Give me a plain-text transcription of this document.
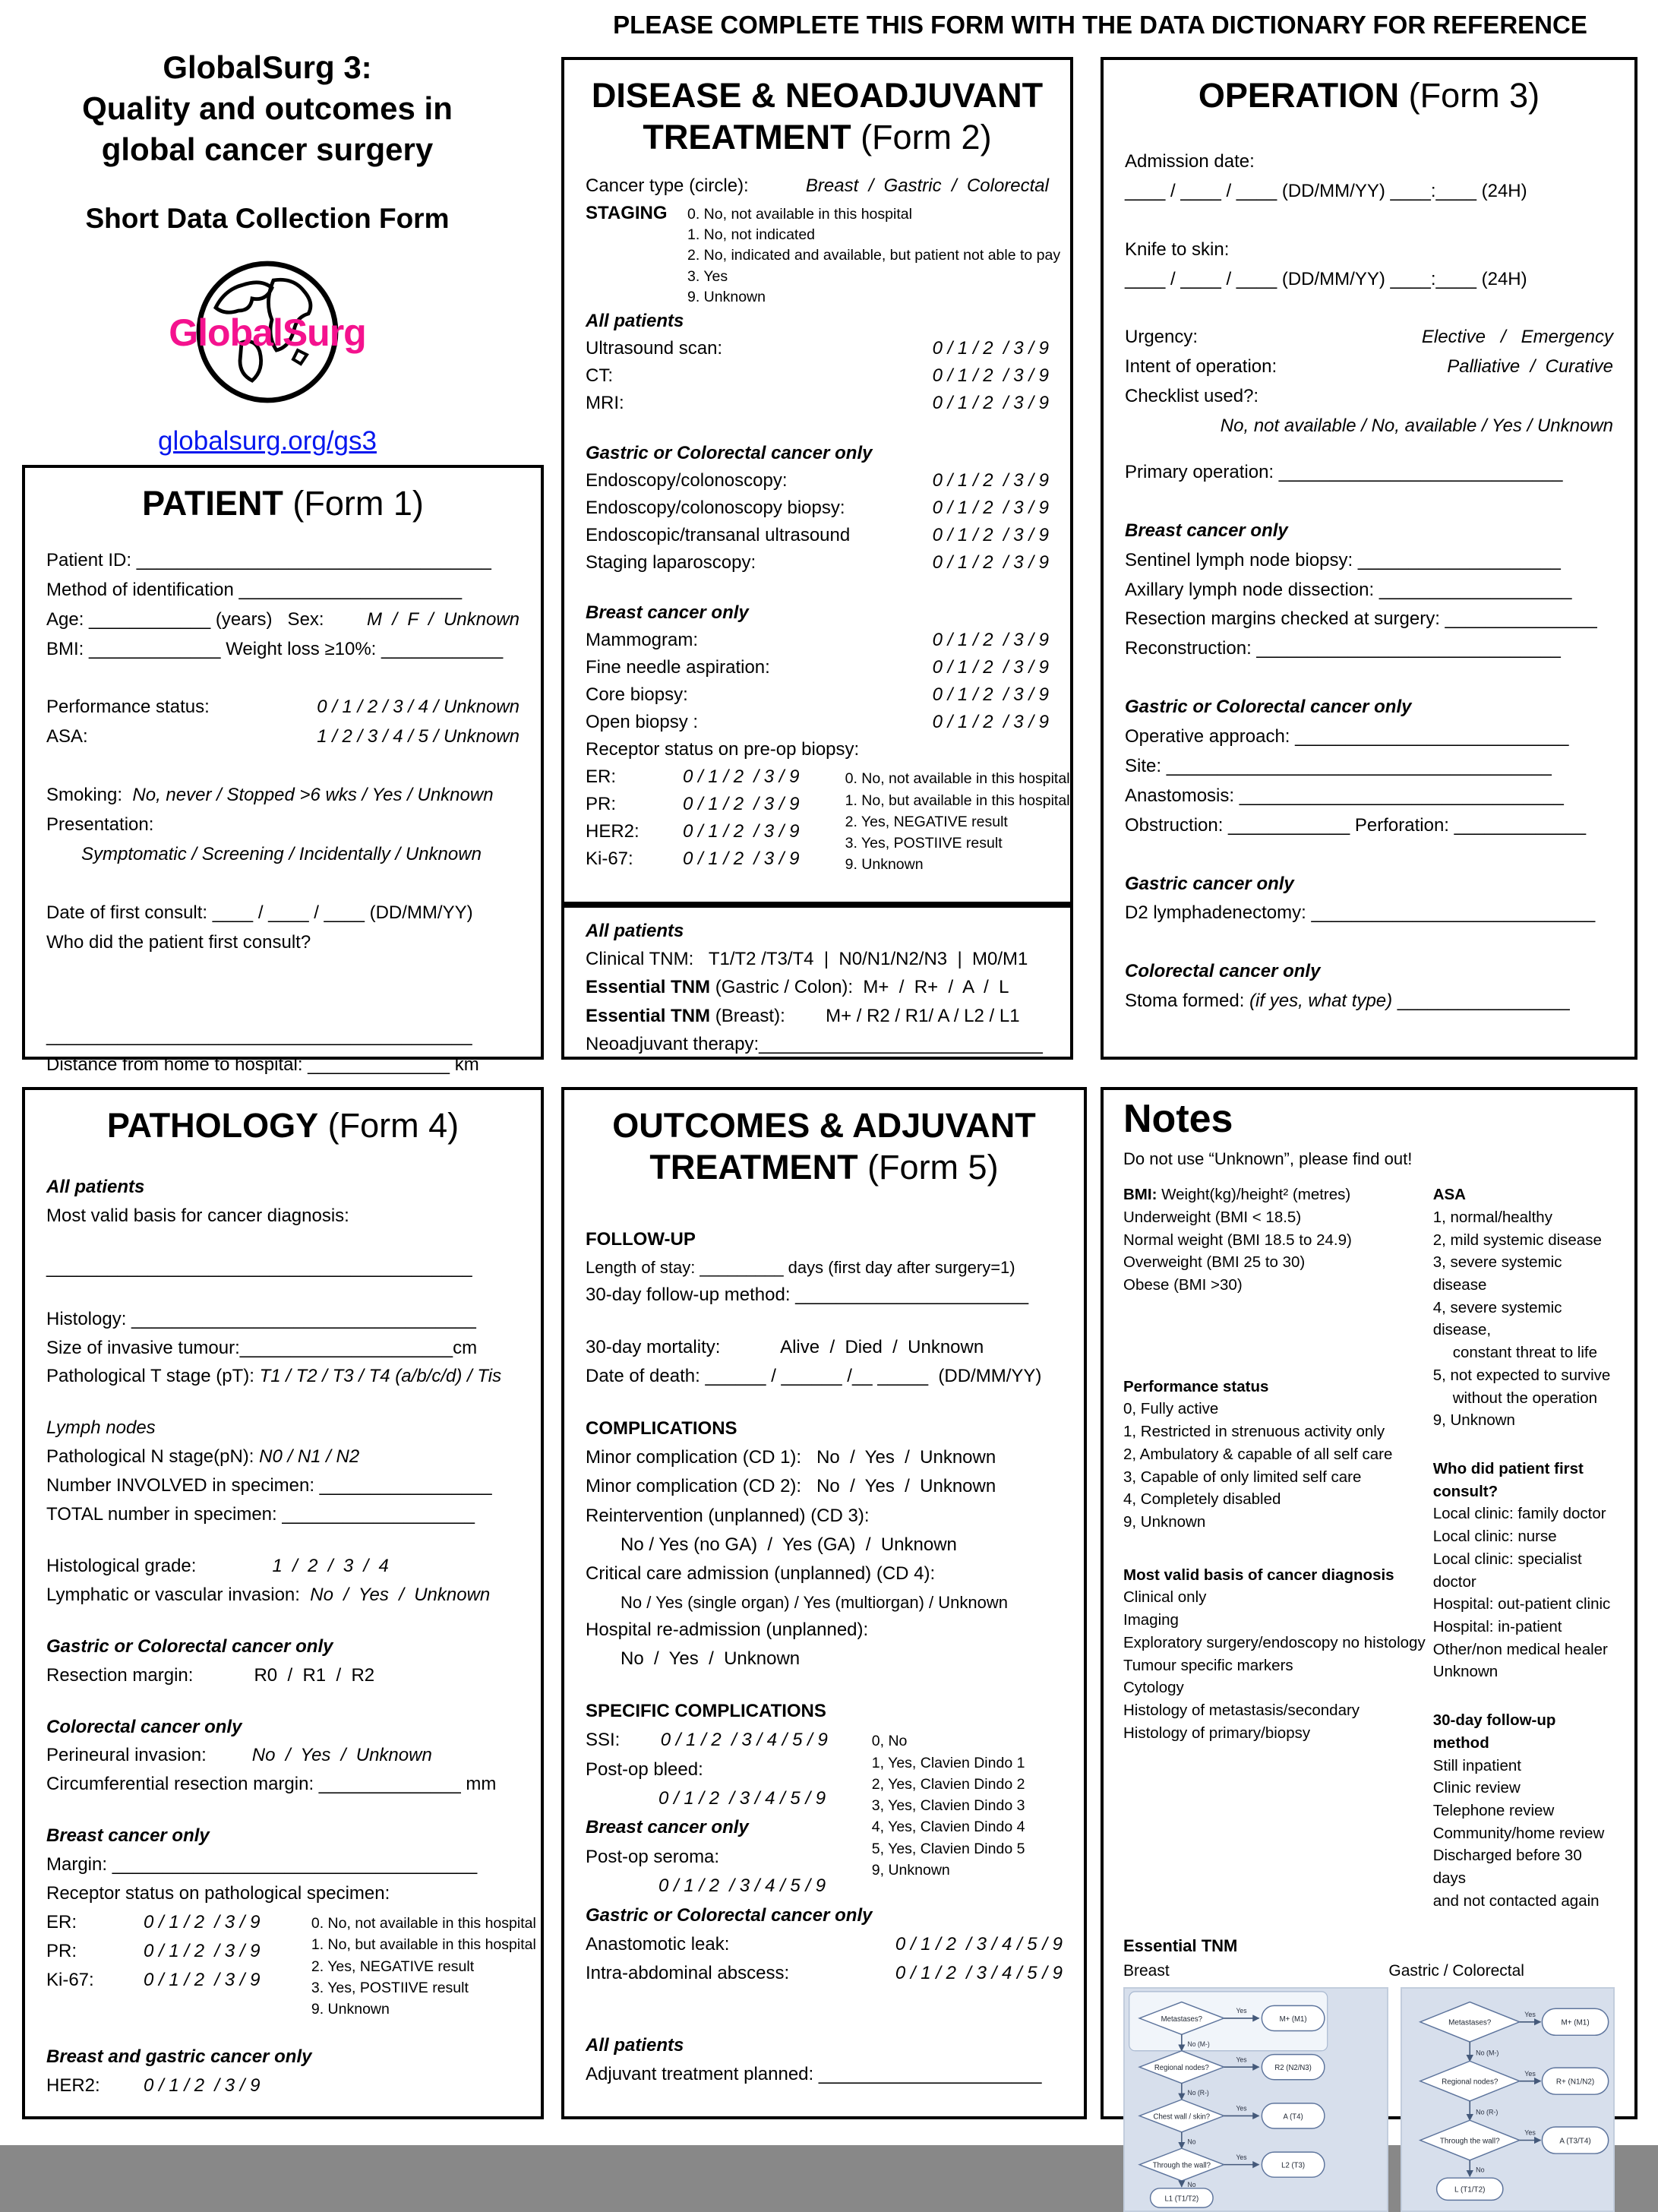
PLEASE COMPLETE THIS FORM WITH THE DATA DICTIONARY FOR REFERENCE
GlobalSurg 3:
Quality and outcomes in
global cancer surgery
Short Data Collection Form
GlobalSurg
globalsurg.org/gs3
PATIENT (Form 1)
Patient ID: ___________________________________
Method of identification ______________________
Age: ____________ (years)   Sex: M  /  F  /  Unknown
BMI: _____________ Weight loss ≥10%: ____________
Performance status:	0 / 1 / 2 / 3 / 4 / Unknown
ASA:	1 / 2 / 3 / 4 / 5 / Unknown
Smoking:  No, never / Stopped >6 wks / Yes / Unknown
Presentation:
Symptomatic / Screening / Incidentally / Unknown
Date of first consult: ____ / ____ / ____ (DD/MM/YY)
Who did the patient first consult?
__________________________________________
Distance from home to hospital: ______________ km
DISEASE & NEOADJUVANT TREATMENT (Form 2)
Cancer type (circle):	Breast  /  Gastric  /  Colorectal
STAGING	0. No, not available in this hospital
1. No, not indicated
2. No, indicated and available, but patient not able to pay
3. Yes
9. Unknown
All patients
Ultrasound scan:	0 / 1 / 2  / 3 / 9
CT:	0 / 1 / 2  / 3 / 9
MRI:	0 / 1 / 2  / 3 / 9
Gastric or Colorectal cancer only
Endoscopy/colonoscopy:	0 / 1 / 2  / 3 / 9
Endoscopy/colonoscopy biopsy:	0 / 1 / 2  / 3 / 9
Endoscopic/transanal ultrasound	0 / 1 / 2  / 3 / 9
Staging laparoscopy:	0 / 1 / 2  / 3 / 9
Breast cancer only
Mammogram:	0 / 1 / 2  / 3 / 9
Fine needle aspiration:	0 / 1 / 2  / 3 / 9
Core biopsy:	0 / 1 / 2  / 3 / 9
Open biopsy :	0 / 1 / 2  / 3 / 9
Receptor status on pre-op biopsy:
ER:	0 / 1 / 2  / 3 / 9
PR:	0 / 1 / 2  / 3 / 9
HER2: 0 / 1 / 2  / 3 / 9
Ki-67:	0 / 1 / 2  / 3 / 9
0. No, not available in this hospital
1. No, but available in this hospital
2. Yes, NEGATIVE result
3. Yes, POSTIIVE result
9. Unknown
All patients
Clinical TNM:   T1/T2 /T3/T4  |  N0/N1/N2/N3  |  M0/M1
Essential TNM (Gastric / Colon):  M+  /  R+  /  A  /  L
Essential TNM (Breast):        M+ / R2 / R1/ A / L2 / L1
Neoadjuvant therapy:____________________________
OPERATION (Form 3)
Admission date:
____ / ____ / ____ (DD/MM/YY) ____:____ (24H)
Knife to skin:
____ / ____ / ____ (DD/MM/YY) ____:____ (24H)
Urgency:	Elective   /   Emergency
Intent of operation:	Palliative  /  Curative
Checklist used?:
No, not available / No, available / Yes / Unknown
Primary operation: ____________________________
Breast cancer only
Sentinel lymph node biopsy: ____________________
Axillary lymph node dissection: ___________________
Resection margins checked at surgery: _______________
Reconstruction: ______________________________
Gastric or Colorectal cancer only
Operative approach: ___________________________
Site: ______________________________________
Anastomosis: ________________________________
Obstruction: ____________ Perforation: _____________
Gastric cancer only
D2 lymphadenectomy: ____________________________
Colorectal cancer only
Stoma formed: (if yes, what type) _________________
PATHOLOGY (Form 4)
All patients
Most valid basis for cancer diagnosis:
__________________________________________
Histology: __________________________________
Size of invasive tumour:_____________________cm
Pathological T stage (pT): T1 / T2 / T3 / T4 (a/b/c/d) / Tis
Lymph nodes
Pathological N stage(pN): N0 / N1 / N2
Number INVOLVED in specimen: _________________
TOTAL number in specimen: ___________________
Histological grade:               1  /  2  /  3  /  4
Lymphatic or vascular invasion:  No  /  Yes  /  Unknown
Gastric or Colorectal cancer only
Resection margin:            R0  /  R1  /  R2
Colorectal cancer only
Perineural invasion:         No  /  Yes  /  Unknown
Circumferential resection margin: ______________ mm
Breast cancer only
Margin: ____________________________________
Receptor status on pathological specimen:
ER:	0 / 1 / 2  / 3 / 9
PR:	0 / 1 / 2  / 3 / 9
Ki-67:	0 / 1 / 2  / 3 / 9
0. No, not available in this hospital
1. No, but available in this hospital
2. Yes, NEGATIVE result
3. Yes, POSTIIVE result
9. Unknown
Breast and gastric cancer only
HER2: 0 / 1 / 2  / 3 / 9
OUTCOMES & ADJUVANT TREATMENT (Form 5)
FOLLOW-UP
Length of stay: _________ days (first day after surgery=1)
30-day follow-up method: _______________________
30-day mortality:            Alive  /  Died  /  Unknown
Date of death: ______ / ______ /__ _____  (DD/MM/YY)
COMPLICATIONS
Minor complication (CD 1):   No  /  Yes  /  Unknown
Minor complication (CD 2):   No  /  Yes  /  Unknown
Reintervention (unplanned) (CD 3):
No / Yes (no GA)  /  Yes (GA)  /  Unknown
Critical care admission (unplanned) (CD 4):
No / Yes (single organ) / Yes (multiorgan) / Unknown
Hospital re-admission (unplanned):
No  /  Yes  /  Unknown
SPECIFIC COMPLICATIONS
SSI:        0 / 1 / 2  / 3 / 4 / 5 / 9
Post-op bleed:
0 / 1 / 2  / 3 / 4 / 5 / 9
Breast cancer only
Post-op seroma:
0 / 1 / 2  / 3 / 4 / 5 / 9
0, No
1, Yes, Clavien Dindo 1
2, Yes, Clavien Dindo 2
3, Yes, Clavien Dindo 3
4, Yes, Clavien Dindo 4
5, Yes, Clavien Dindo 5
9, Unknown
Gastric or Colorectal cancer only
Anastomotic leak:	0 / 1 / 2  / 3 / 4 / 5 / 9
Intra-abdominal abscess:	0 / 1 / 2  / 3 / 4 / 5 / 9
All patients
Adjuvant treatment planned: ______________________
Notes
Do not use “Unknown”, please find out!
BMI: Weight(kg)/height² (metres)
Underweight (BMI < 18.5)
Normal weight (BMI 18.5 to 24.9)
Overweight (BMI 25 to 30)
Obese (BMI >30)
Performance status
0, Fully active
1, Restricted in strenuous activity only
2, Ambulatory & capable of all self care
3, Capable of only limited self care
4, Completely disabled
9, Unknown
Most valid basis of cancer diagnosis
Clinical only
Imaging
Exploratory surgery/endoscopy no histology
Tumour specific markers
Cytology
Histology of metastasis/secondary
Histology of primary/biopsy
ASA
1, normal/healthy
2, mild systemic disease
3, severe systemic disease
4, severe systemic disease,
constant threat to life
5, not expected to survive
without the operation
9, Unknown
Who did patient first consult?
Local clinic: family doctor
Local clinic: nurse
Local clinic: specialist doctor
Hospital: out-patient clinic
Hospital: in-patient
Other/non medical healer
Unknown
30-day follow-up method
Still inpatient
Clinic review
Telephone review
Community/home review
Discharged before 30 days
and not contacted again
Essential TNM
Breast	Gastric / Colorectal
Metastases?
Yes
M+ (M1)
No (M-)
Regional nodes?
Yes
R2 (N2/N3)
No (R-)
Chest wall / skin?
Yes
A (T4)
No
Through the wall?
Yes
L2 (T3)
No
L1 (T1/T2)
Metastases?
Yes
M+ (M1)
No (M-)
Regional nodes?
Yes
R+ (N1/N2)
No (R-)
Through the wall?
Yes
A (T3/T4)
No
L (T1/T2)
